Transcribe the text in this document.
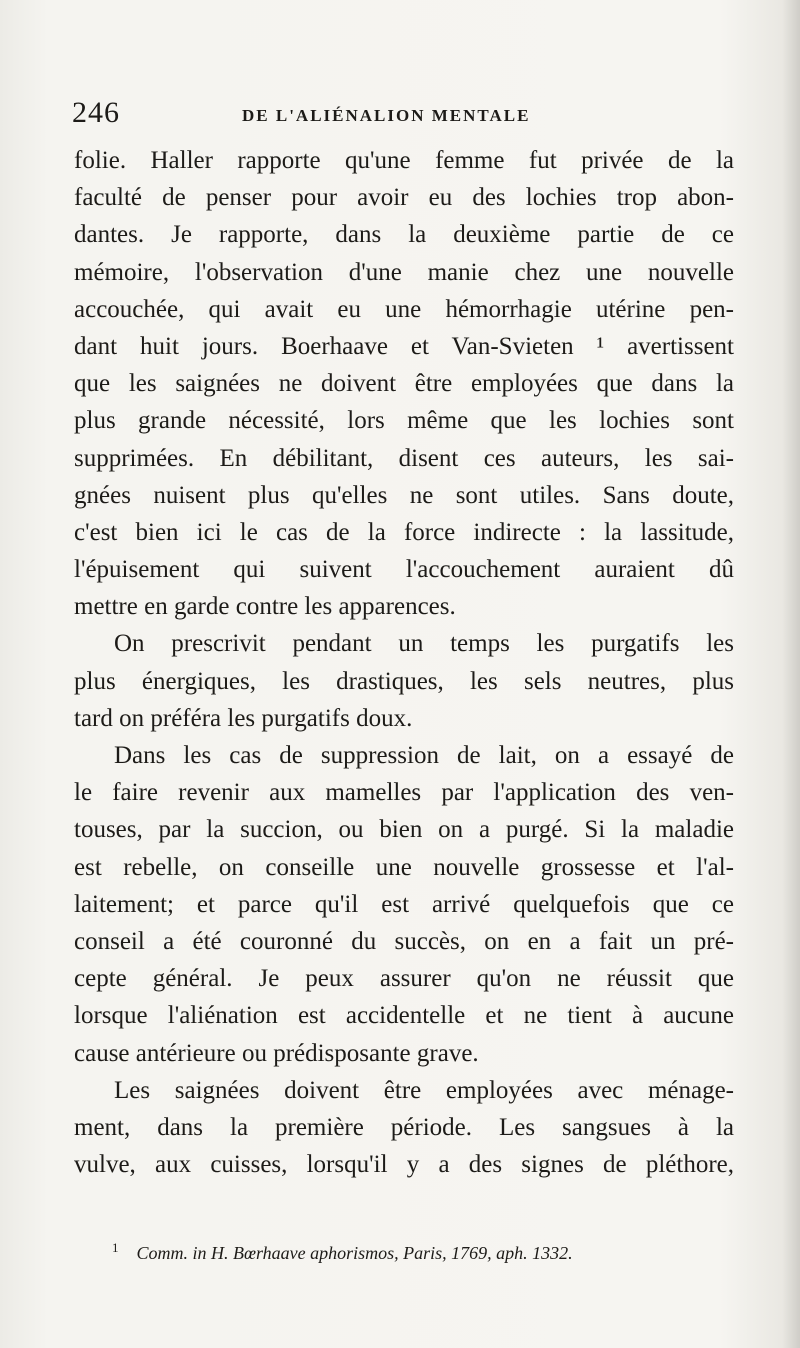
246	DE L'ALIÉNALION MENTALE
folie. Haller rapporte qu'une femme fut privée de la
faculté de penser pour avoir eu des lochies trop abon-
dantes. Je rapporte, dans la deuxième partie de ce
mémoire, l'observation d'une manie chez une nouvelle
accouchée, qui avait eu une hémorrhagie utérine pen-
dant huit jours. Boerhaave et Van-Svieten ¹ avertissent
que les saignées ne doivent être employées que dans la
plus grande nécessité, lors même que les lochies sont
supprimées. En débilitant, disent ces auteurs, les sai-
gnées nuisent plus qu'elles ne sont utiles. Sans doute,
c'est bien ici le cas de la force indirecte : la lassitude,
l'épuisement qui suivent l'accouchement auraient dû
mettre en garde contre les apparences.
On prescrivit pendant un temps les purgatifs les
plus énergiques, les drastiques, les sels neutres, plus
tard on préféra les purgatifs doux.
Dans les cas de suppression de lait, on a essayé de
le faire revenir aux mamelles par l'application des ven-
touses, par la succion, ou bien on a purgé. Si la maladie
est rebelle, on conseille une nouvelle grossesse et l'al-
laitement; et parce qu'il est arrivé quelquefois que ce
conseil a été couronné du succès, on en a fait un pré-
cepte général. Je peux assurer qu'on ne réussit que
lorsque l'aliénation est accidentelle et ne tient à aucune
cause antérieure ou prédisposante grave.
Les saignées doivent être employées avec ménage-
ment, dans la première période. Les sangsues à la
vulve, aux cuisses, lorsqu'il y a des signes de pléthore,
$^1$ Comm. in H. Bœrhaave aphorismos, Paris, 1769, aph. 1332.
